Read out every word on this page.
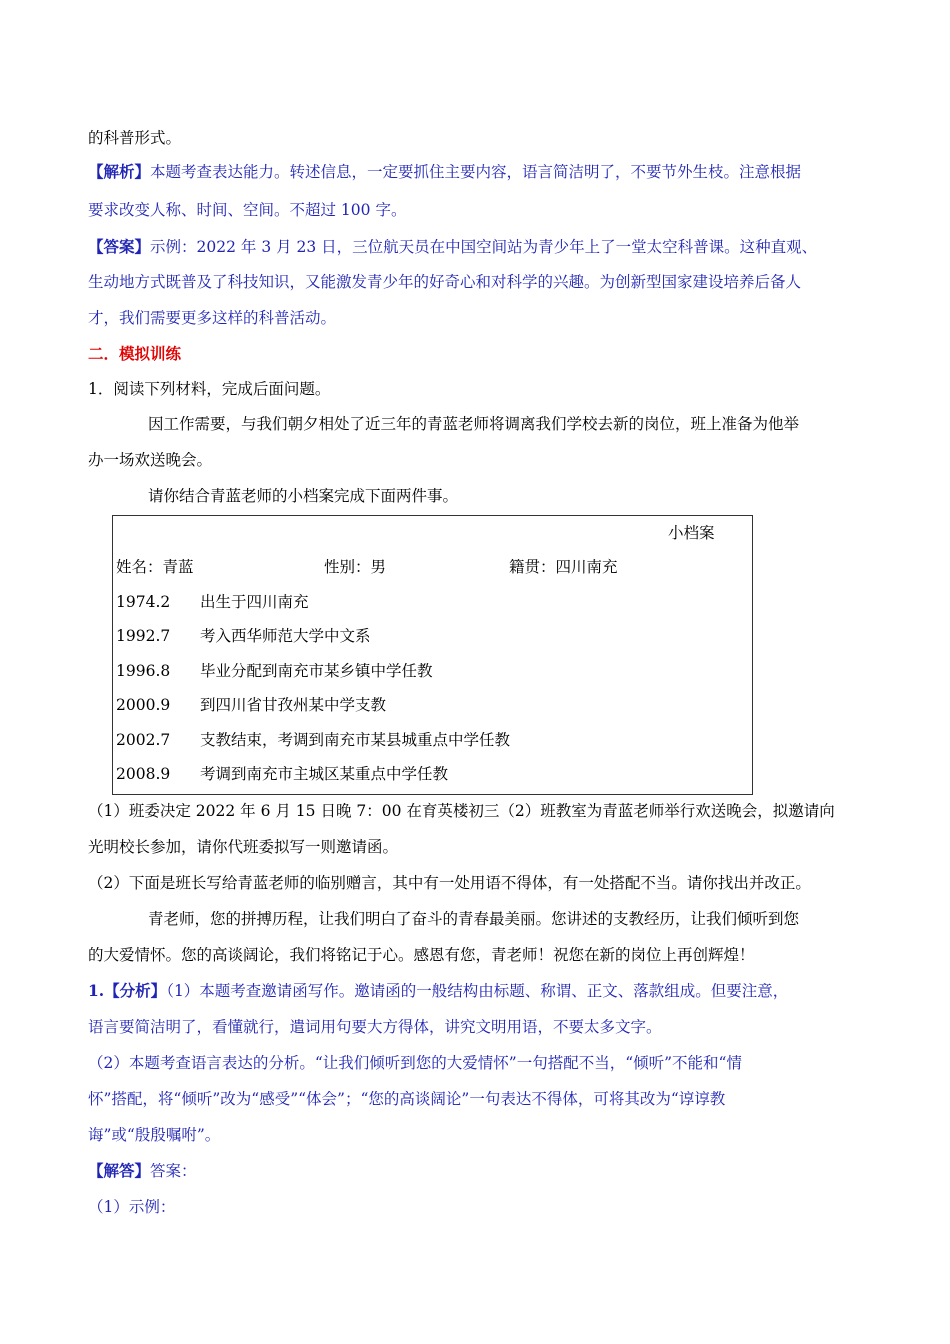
的科普形式。
【解析】本题考查表达能力。转述信息，一定要抓住主要内容，语言简洁明了，不要节外生枝。注意根据
要求改变人称、时间、空间。不超过 100 字。
【答案】示例：2022 年 3 月 23 日，三位航天员在中国空间站为青少年上了一堂太空科普课。这种直观、
生动地方式既普及了科技知识，又能激发青少年的好奇心和对科学的兴趣。为创新型国家建设培养后备人
才，我们需要更多这样的科普活动。
二．模拟训练
1．阅读下列材料，完成后面问题。
因工作需要，与我们朝夕相处了近三年的青蓝老师将调离我们学校去新的岗位，班上准备为他举
办一场欢送晚会。
请你结合青蓝老师的小档案完成下面两件事。
小档案
姓名：青蓝	性别：男	籍贯：四川南充
1974.2 出生于四川南充
1992.7 考入西华师范大学中文系
1996.8 毕业分配到南充市某乡镇中学任教
2000.9 到四川省甘孜州某中学支教
2002.7 支教结束，考调到南充市某县城重点中学任教
2008.9 考调到南充市主城区某重点中学任教
（1）班委决定 2022 年 6 月 15 日晚 7：00 在育英楼初三（2）班教室为青蓝老师举行欢送晚会，拟邀请向
光明校长参加，请你代班委拟写一则邀请函。
（2）下面是班长写给青蓝老师的临别赠言，其中有一处用语不得体，有一处搭配不当。请你找出并改正。
青老师，您的拼搏历程，让我们明白了奋斗的青春最美丽。您讲述的支教经历，让我们倾听到您
的大爱情怀。您的高谈阔论，我们将铭记于心。感恩有您，青老师！祝您在新的岗位上再创辉煌！
1.【分析】（1）本题考查邀请函写作。邀请函的一般结构由标题、称谓、正文、落款组成。但要注意，
语言要简洁明了，看懂就行，遣词用句要大方得体，讲究文明用语，不要太多文字。
（2）本题考查语言表达的分析。“让我们倾听到您的大爱情怀”一句搭配不当，“倾听”不能和“情
怀”搭配，将“倾听”改为“感受”“体会”；“您的高谈阔论”一句表达不得体，可将其改为“谆谆教
诲”或“殷殷嘱咐”。
【解答】答案：
（1）示例：
